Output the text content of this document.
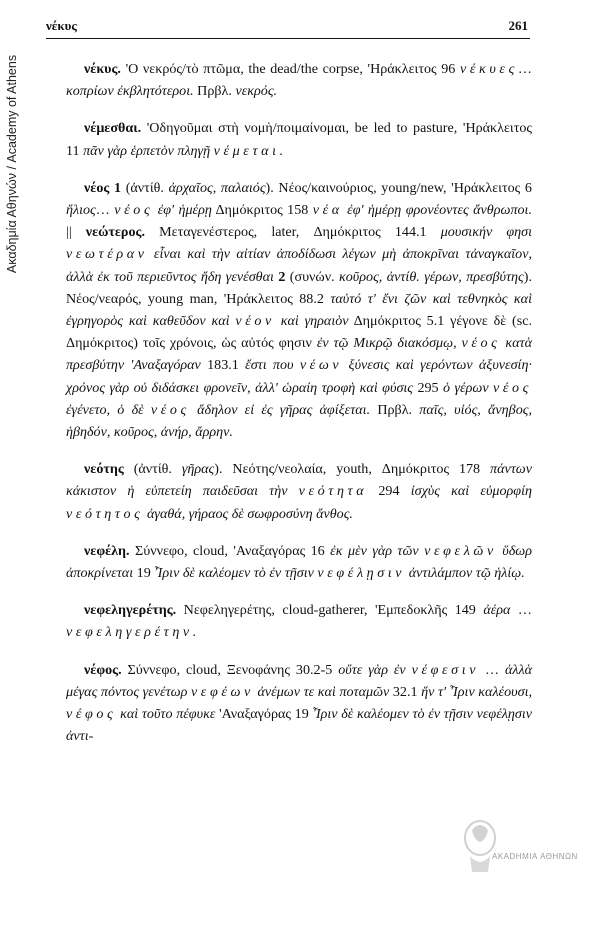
νέκυς	261
Ακαδημία Αθηνών / Academy of Athens	νέκυς. 'Ο νεκρός/τὸ πτῶμα, the dead/the corpse, 'Ηράκλειτος 96 νέκυες… κοπρίων ἐκβλητότεροι. Πρβλ. νεκρός.

νέμεσθαι. 'Οδηγοῦμαι στὴ νομὴ/ποιμαίνομαι, be led to pasture, 'Ηράκλειτος 11 πᾶν γὰρ ἑρπετὸν πληγῇ νέμεται.

νέος 1 (ἀντίθ. ἀρχαῖος, παλαιός). Νέος/καινούριος, young/new, 'Ηράκλειτος 6 ἥλιος… νέος ἐφ' ἡμέρῃ Δημόκριτος 158 νέα ἐφ' ἡμέρῃ φρονέοντες ἄνθρωποι. || νεώτερος. Μεταγενέστερος, later, Δημόκριτος 144.1 μουσικήν φησι νεωτέραν εἶναι καὶ τὴν αἰτίαν ἀποδίδωσι λέγων μὴ ἀποκρῖναι τἀναγκαῖον, ἀλλὰ ἐκ τοῦ περιεῦντος ἤδη γενέσθαι 2 (συνών. κοῦρος, ἀντίθ. γέρων, πρεσβύτης). Νέος/νεαρός, young man, 'Ηράκλειτος 88.2 ταὐτό τ' ἔνι ζῶν καὶ τεθνηκὸς καὶ ἐγρηγορὸς καὶ καθεῦδον καὶ νέον καὶ γηραιὸν Δημόκριτος 5.1 γέγονε δὲ (sc. Δημόκριτος) τοῖς χρόνοις, ὡς αὐτός φησιν ἐν τῷ Μικρῷ διακόσμῳ, νέος κατὰ πρεσβύτην 'Αναξαγόραν 183.1 ἔστι που νέων ξύνεσις καὶ γερόντων ἀξυνεσίη· χρόνος γὰρ οὐ διδάσκει φρονεῖν, ἀλλ' ὡραίη τροφὴ καὶ φύσις 295 ὁ γέρων νέος ἐγένετο, ὁ δὲ νέος ἄδηλον εἰ ἐς γῆρας ἀφίξεται. Πρβλ. παῖς, υἱός, ἄνηβος, ἡβηδόν, κοῦρος, ἀνήρ, ἄρρην.

νεότης (ἀντίθ. γῆρας). Νεότης/νεολαία, youth, Δημόκριτος 178 πάντων κάκιστον ἡ εὐπετείη παιδεῦσαι τὴν νεότητα 294 ἰσχὺς καὶ εὐμορφίη νεότητος ἀγαθά, γήραος δὲ σωφροσύνη ἄνθος.

νεφέλη. Σύννεφο, cloud, 'Αναξαγόρας 16 ἐκ μὲν γὰρ τῶν νεφελῶν ὕδωρ ἀποκρίνεται 19 Ἶριν δὲ καλέομεν τὸ ἐν τῇσιν νεφέλῃσιν ἀντιλάμπον τῷ ἡλίῳ.

νεφεληγερέτης. Νεφεληγερέτης, cloud-gatherer, 'Εμπεδοκλῆς 149 ἀέρα … νεφεληγερέτην.

νέφος. Σύννεφο, cloud, Ξενοφάνης 30.2-5 οὔτε γὰρ ἐν νέφεσιν … ἀλλὰ μέγας πόντος γενέτωρ νεφέων ἀνέμων τε καὶ ποταμῶν 32.1 ἥν τ' Ἶριν καλέουσι, νέφος καὶ τοῦτο πέφυκε 'Αναξαγόρας 19 Ἶριν δὲ καλέομεν τὸ ἐν τῇσιν νεφέλῃσιν ἀντι-

AKADHMIA ΑΘΗΝΩΝ
